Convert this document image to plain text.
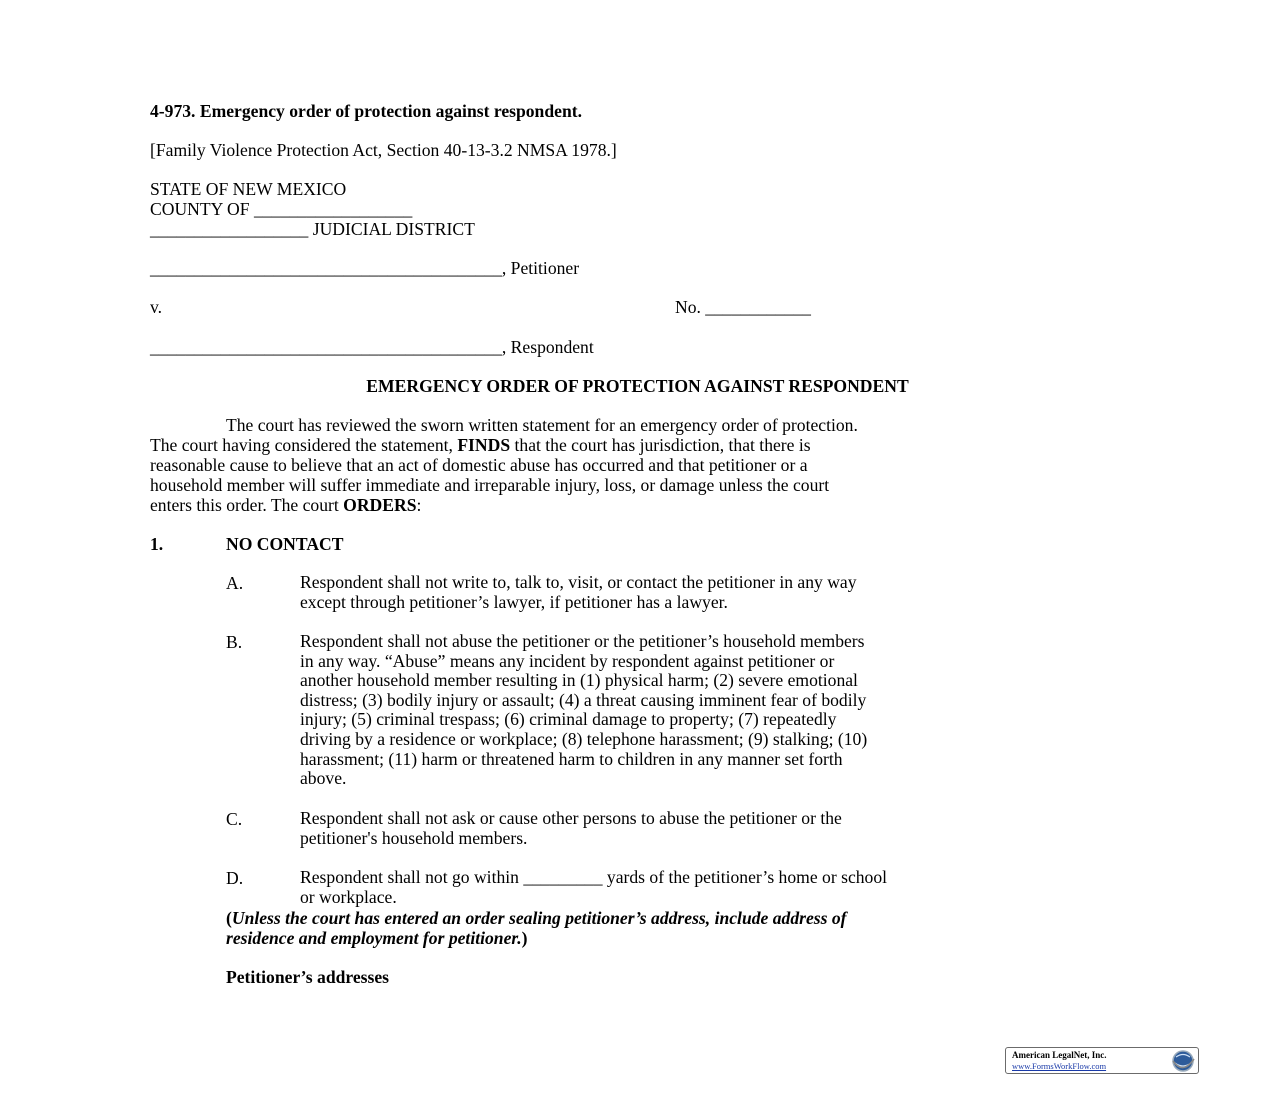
4-973. Emergency order of protection against respondent.

[Family Violence Protection Act, Section 40-13-3.2 NMSA 1978.]

STATE OF NEW MEXICO

COUNTY OF __________________

__________________ JUDICIAL DISTRICT

________________________________________, Petitioner

v.	No. ____________

________________________________________, Respondent

EMERGENCY ORDER OF PROTECTION AGAINST RESPONDENT

The court has reviewed the sworn written statement for an emergency order of protection.
The court having considered the statement, FINDS that the court has jurisdiction, that there is
reasonable cause to believe that an act of domestic abuse has occurred and that petitioner or a
household member will suffer immediate and irreparable injury, loss, or damage unless the court
enters this order. The court ORDERS:

1.	NO CONTACT

A.	Respondent shall not write to, talk to, visit, or contact the petitioner in any way
except through petitioner’s lawyer, if petitioner has a lawyer.
B.	Respondent shall not abuse the petitioner or the petitioner’s household members
in any way. “Abuse” means any incident by respondent against petitioner or
another household member resulting in (1) physical harm; (2) severe emotional
distress; (3) bodily injury or assault; (4) a threat causing imminent fear of bodily
injury; (5) criminal trespass; (6) criminal damage to property; (7) repeatedly
driving by a residence or workplace; (8) telephone harassment; (9) stalking; (10)
harassment; (11) harm or threatened harm to children in any manner set forth
above.
C.	Respondent shall not ask or cause other persons to abuse the petitioner or the
petitioner's household members.
D.	Respondent shall not go within _________ yards of the petitioner’s home or school
or workplace.
(Unless the court has entered an order sealing petitioner’s address, include address of
residence and employment for petitioner.)

Petitioner’s addresses

American LegalNet, Inc.
www.FormsWorkFlow.com
